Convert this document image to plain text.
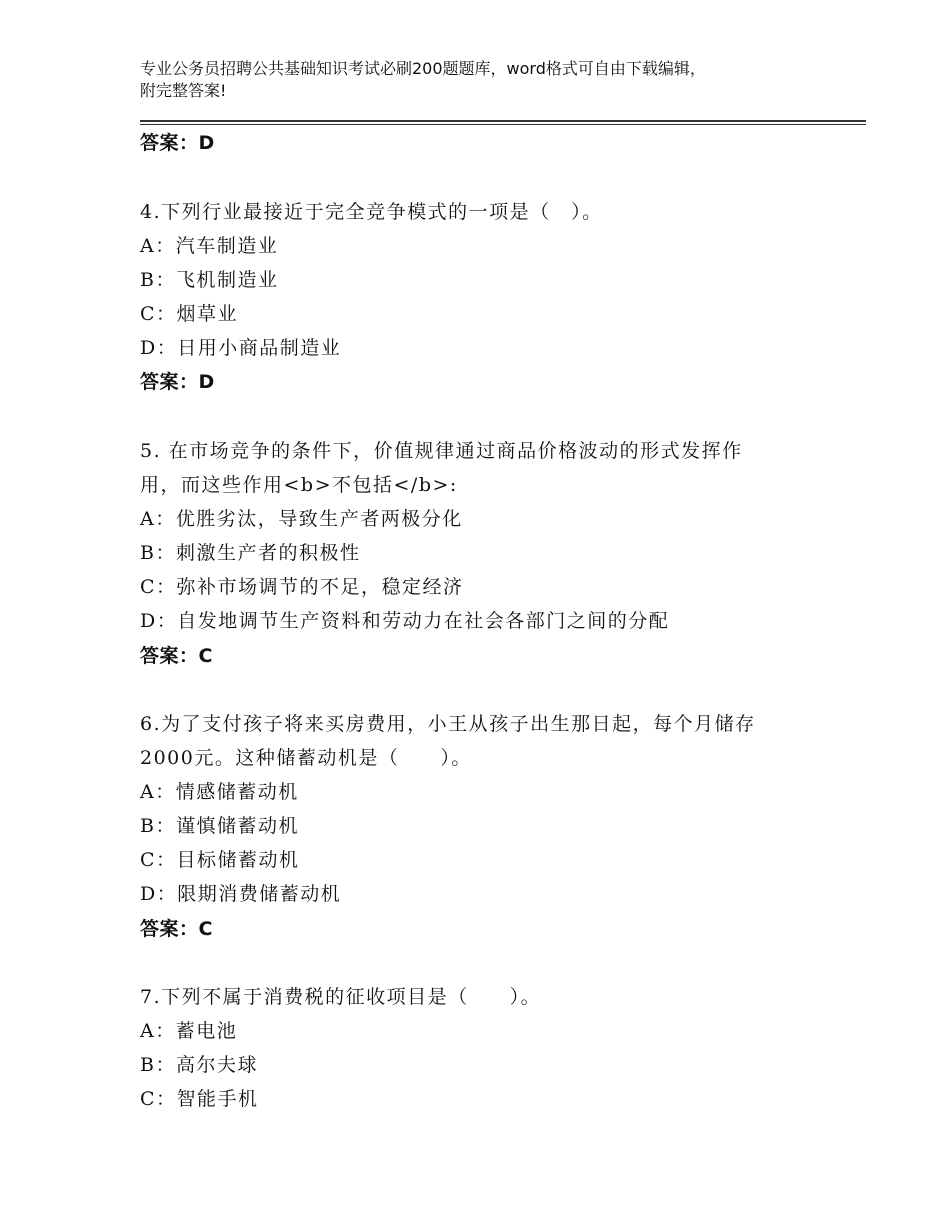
专业公务员招聘公共基础知识考试必刷200题题库，word格式可自由下载编辑，
附完整答案!
答案：D
4.下列行业最接近于完全竞争模式的一项是（　）。
A：汽车制造业
B：飞机制造业
C：烟草业
D：日用小商品制造业
答案：D
5. 在市场竞争的条件下，价值规律通过商品价格波动的形式发挥作
用，而这些作用<b>不包括</b>:
A：优胜劣汰，导致生产者两极分化
B：刺激生产者的积极性
C：弥补市场调节的不足，稳定经济
D：自发地调节生产资料和劳动力在社会各部门之间的分配
答案：C
6.为了支付孩子将来买房费用，小王从孩子出生那日起，每个月储存
2000元。这种储蓄动机是（　　）。
A：情感储蓄动机
B：谨慎储蓄动机
C：目标储蓄动机
D：限期消费储蓄动机
答案：C
7.下列不属于消费税的征收项目是（　　）。
A：蓄电池
B：高尔夫球
C：智能手机
